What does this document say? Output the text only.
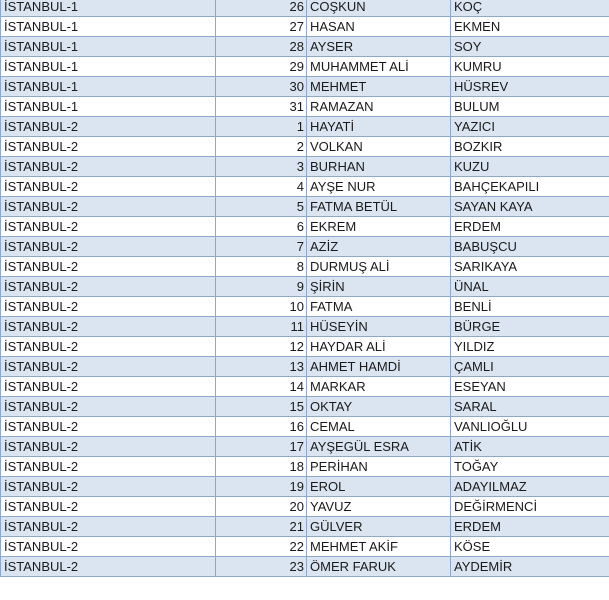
İSTANBUL-1	26	COŞKUN	KOÇ
İSTANBUL-1	27	HASAN	EKMEN
İSTANBUL-1	28	AYSER	SOY
İSTANBUL-1	29	MUHAMMET ALİ	KUMRU
İSTANBUL-1	30	MEHMET	HÜSREV
İSTANBUL-1	31	RAMAZAN	BULUM
İSTANBUL-2	1	HAYATİ	YAZICI
İSTANBUL-2	2	VOLKAN	BOZKIR
İSTANBUL-2	3	BURHAN	KUZU
İSTANBUL-2	4	AYŞE NUR	BAHÇEKAPILI
İSTANBUL-2	5	FATMA BETÜL	SAYAN KAYA
İSTANBUL-2	6	EKREM	ERDEM
İSTANBUL-2	7	AZİZ	BABUŞCU
İSTANBUL-2	8	DURMUŞ ALİ	SARIKAYA
İSTANBUL-2	9	ŞİRİN	ÜNAL
İSTANBUL-2	10	FATMA	BENLİ
İSTANBUL-2	11	HÜSEYİN	BÜRGE
İSTANBUL-2	12	HAYDAR ALİ	YILDIZ
İSTANBUL-2	13	AHMET HAMDİ	ÇAMLI
İSTANBUL-2	14	MARKAR	ESEYAN
İSTANBUL-2	15	OKTAY	SARAL
İSTANBUL-2	16	CEMAL	VANLIOĞLU
İSTANBUL-2	17	AYŞEGÜL ESRA	ATİK
İSTANBUL-2	18	PERİHAN	TOĞAY
İSTANBUL-2	19	EROL	ADAYILMAZ
İSTANBUL-2	20	YAVUZ	DEĞİRMENCİ
İSTANBUL-2	21	GÜLVER	ERDEM
İSTANBUL-2	22	MEHMET AKİF	KÖSE
İSTANBUL-2	23	ÖMER FARUK	AYDEMİR
